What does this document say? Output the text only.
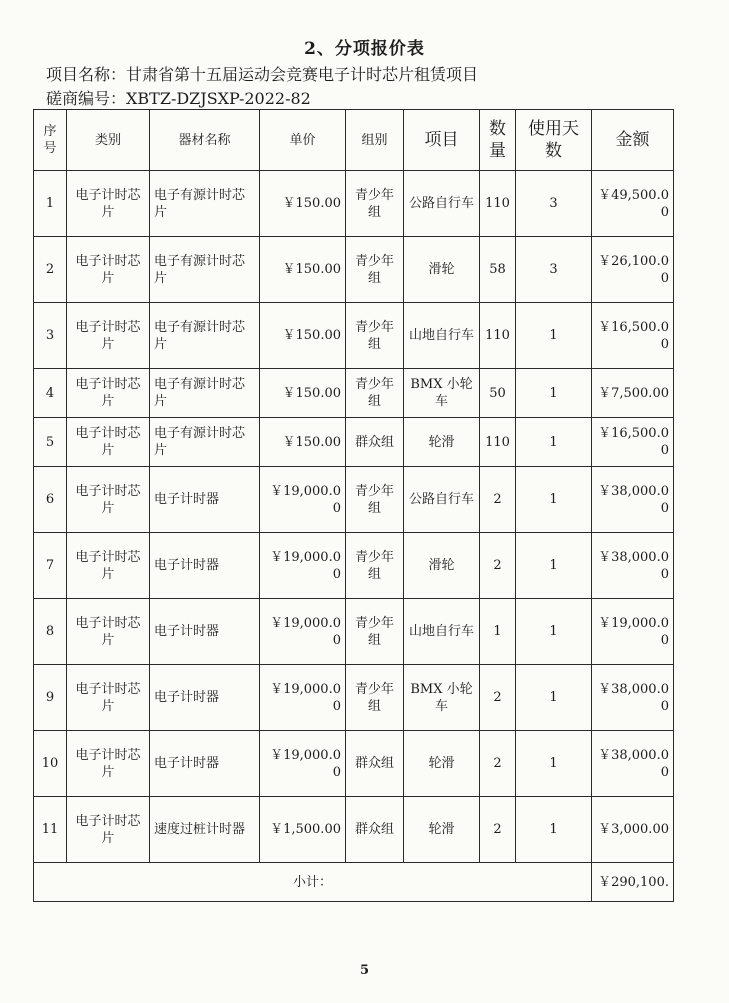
2、分项报价表
项目名称：甘肃省第十五届运动会竞赛电子计时芯片租赁项目
磋商编号：XBTZ-DZJSXP-2022-82
序号	类别	器材名称	单价	组别	项目	数量	使用天数	金额
1	电子计时芯片	电子有源计时芯片	￥150.00	青少年组	公路自行车	110	3	￥49,500.00
2	电子计时芯片	电子有源计时芯片	￥150.00	青少年组	滑轮	58	3	￥26,100.00
3	电子计时芯片	电子有源计时芯片	￥150.00	青少年组	山地自行车	110	1	￥16,500.00
4	电子计时芯片	电子有源计时芯片	￥150.00	青少年组	BMX 小轮车	50	1	￥7,500.00
5	电子计时芯片	电子有源计时芯片	￥150.00	群众组	轮滑	110	1	￥16,500.00
6	电子计时芯片	电子计时器	￥19,000.00	青少年组	公路自行车	2	1	￥38,000.00
7	电子计时芯片	电子计时器	￥19,000.00	青少年组	滑轮	2	1	￥38,000.00
8	电子计时芯片	电子计时器	￥19,000.00	青少年组	山地自行车	1	1	￥19,000.00
9	电子计时芯片	电子计时器	￥19,000.00	青少年组	BMX 小轮车	2	1	￥38,000.00
10	电子计时芯片	电子计时器	￥19,000.00	群众组	轮滑	2	1	￥38,000.00
11	电子计时芯片	速度过桩计时器	￥1,500.00	群众组	轮滑	2	1	￥3,000.00
小计：								￥290,100.
5
